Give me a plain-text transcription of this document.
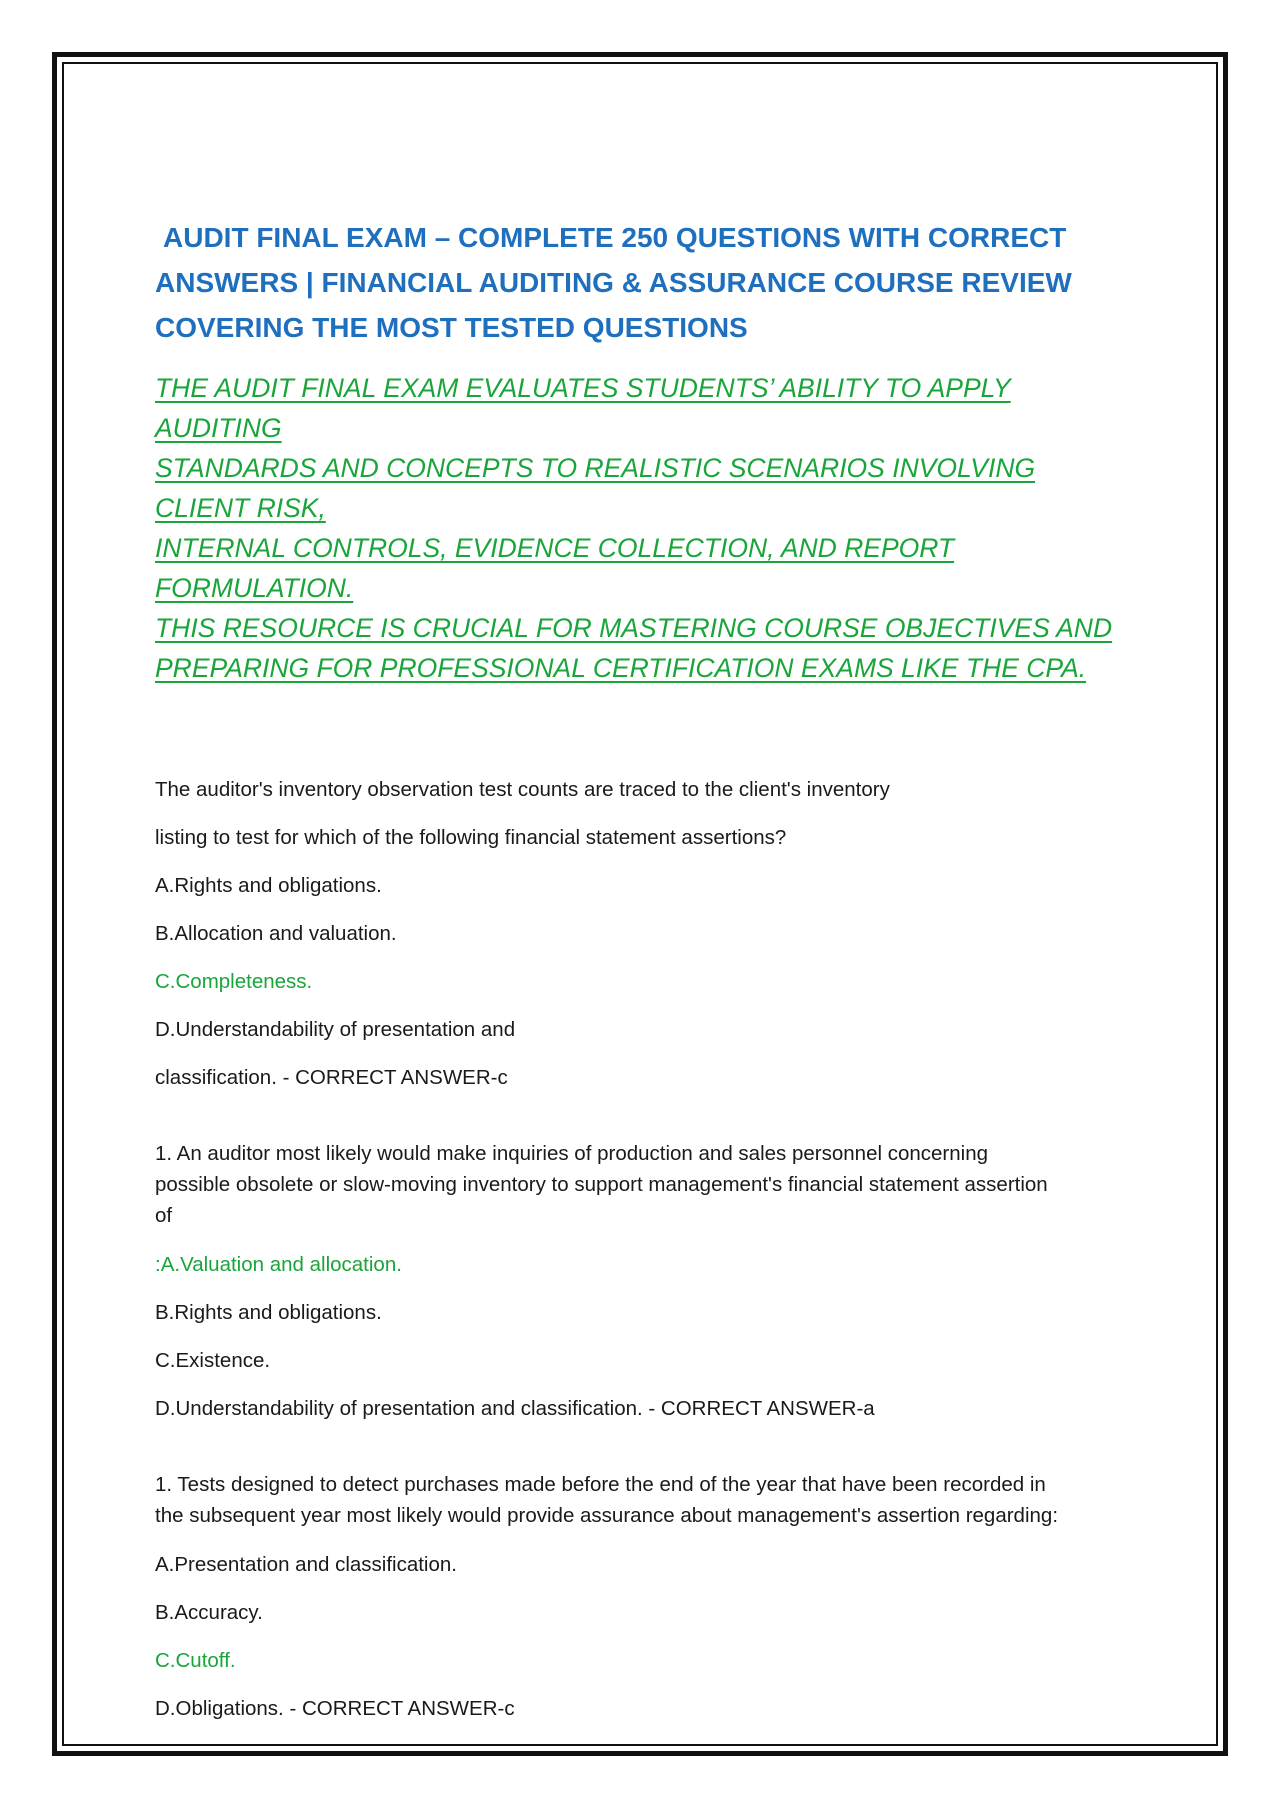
AUDIT FINAL EXAM – COMPLETE 250 QUESTIONS WITH CORRECT
ANSWERS | FINANCIAL AUDITING & ASSURANCE COURSE REVIEW
COVERING THE MOST TESTED QUESTIONS
THE AUDIT FINAL EXAM EVALUATES STUDENTS’ ABILITY TO APPLY AUDITING
STANDARDS AND CONCEPTS TO REALISTIC SCENARIOS INVOLVING CLIENT RISK,
INTERNAL CONTROLS, EVIDENCE COLLECTION, AND REPORT FORMULATION.
THIS RESOURCE IS CRUCIAL FOR MASTERING COURSE OBJECTIVES AND
PREPARING FOR PROFESSIONAL CERTIFICATION EXAMS LIKE THE CPA.

The auditor's inventory observation test counts are traced to the client's inventory

listing to test for which of the following financial statement assertions?

A.Rights and obligations.

B.Allocation and valuation.

C.Completeness.

D.Understandability of presentation and

classification. - CORRECT ANSWER-c

1. An auditor most likely would make inquiries of production and sales personnel concerning
possible obsolete or slow-moving inventory to support management's financial statement assertion
of

:A.Valuation and allocation.

B.Rights and obligations.

C.Existence.

D.Understandability of presentation and classification. - CORRECT ANSWER-a

1. Tests designed to detect purchases made before the end of the year that have been recorded in
the subsequent year most likely would provide assurance about management's assertion regarding:

A.Presentation and classification.

B.Accuracy.

C.Cutoff.

D.Obligations. - CORRECT ANSWER-c
